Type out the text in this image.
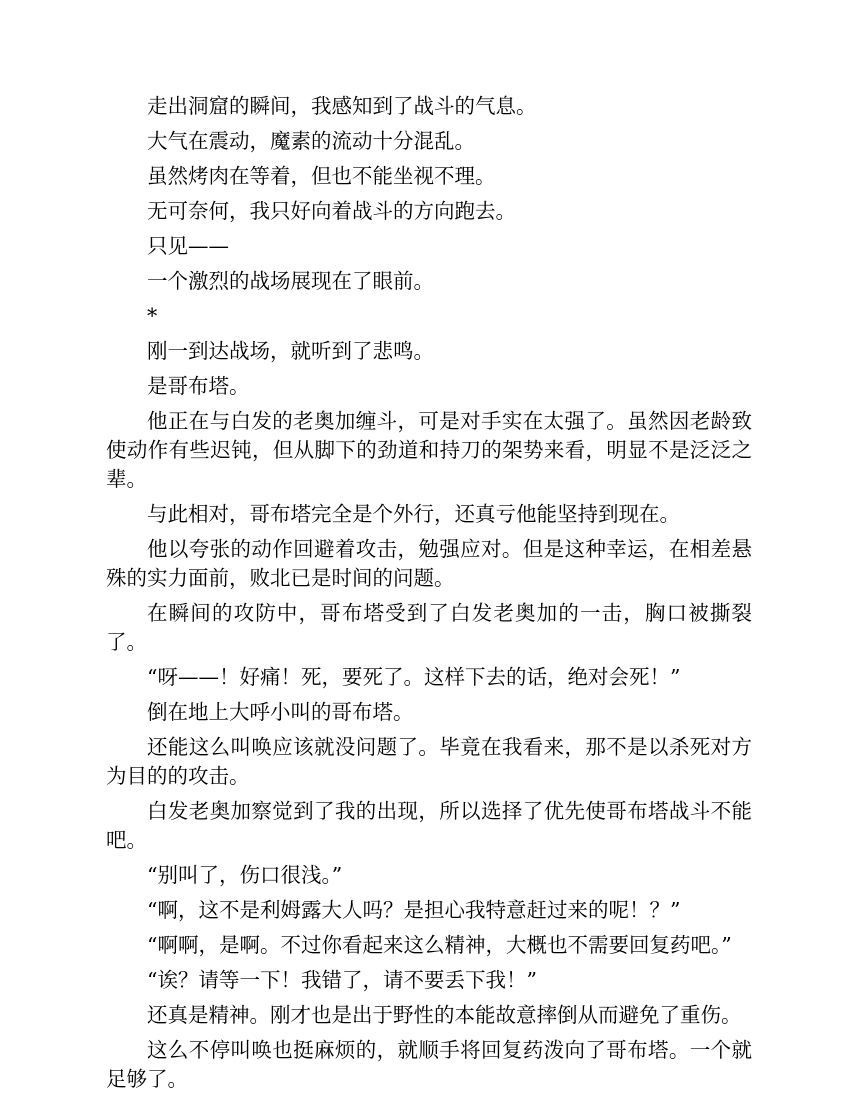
走出洞窟的瞬间，我感知到了战斗的气息。

大气在震动，魔素的流动十分混乱。

虽然烤肉在等着，但也不能坐视不理。

无可奈何，我只好向着战斗的方向跑去。

只见——

一个激烈的战场展现在了眼前。

*

刚一到达战场，就听到了悲鸣。

是哥布塔。

他正在与白发的老奥加缠斗，可是对手实在太强了。虽然因老龄致使动作有些迟钝，但从脚下的劲道和持刀的架势来看，明显不是泛泛之辈。

与此相对，哥布塔完全是个外行，还真亏他能坚持到现在。

他以夸张的动作回避着攻击，勉强应对。但是这种幸运，在相差悬殊的实力面前，败北已是时间的问题。

在瞬间的攻防中，哥布塔受到了白发老奥加的一击，胸口被撕裂了。

“呀——！好痛！死，要死了。这样下去的话，绝对会死！”

倒在地上大呼小叫的哥布塔。

还能这么叫唤应该就没问题了。毕竟在我看来，那不是以杀死对方为目的的攻击。

白发老奥加察觉到了我的出现，所以选择了优先使哥布塔战斗不能吧。

“别叫了，伤口很浅。”

“啊，这不是利姆露大人吗？是担心我特意赶过来的呢！？”

“啊啊，是啊。不过你看起来这么精神，大概也不需要回复药吧。”

“诶？请等一下！我错了，请不要丢下我！”

还真是精神。刚才也是出于野性的本能故意摔倒从而避免了重伤。

这么不停叫唤也挺麻烦的，就顺手将回复药泼向了哥布塔。一个就足够了。
